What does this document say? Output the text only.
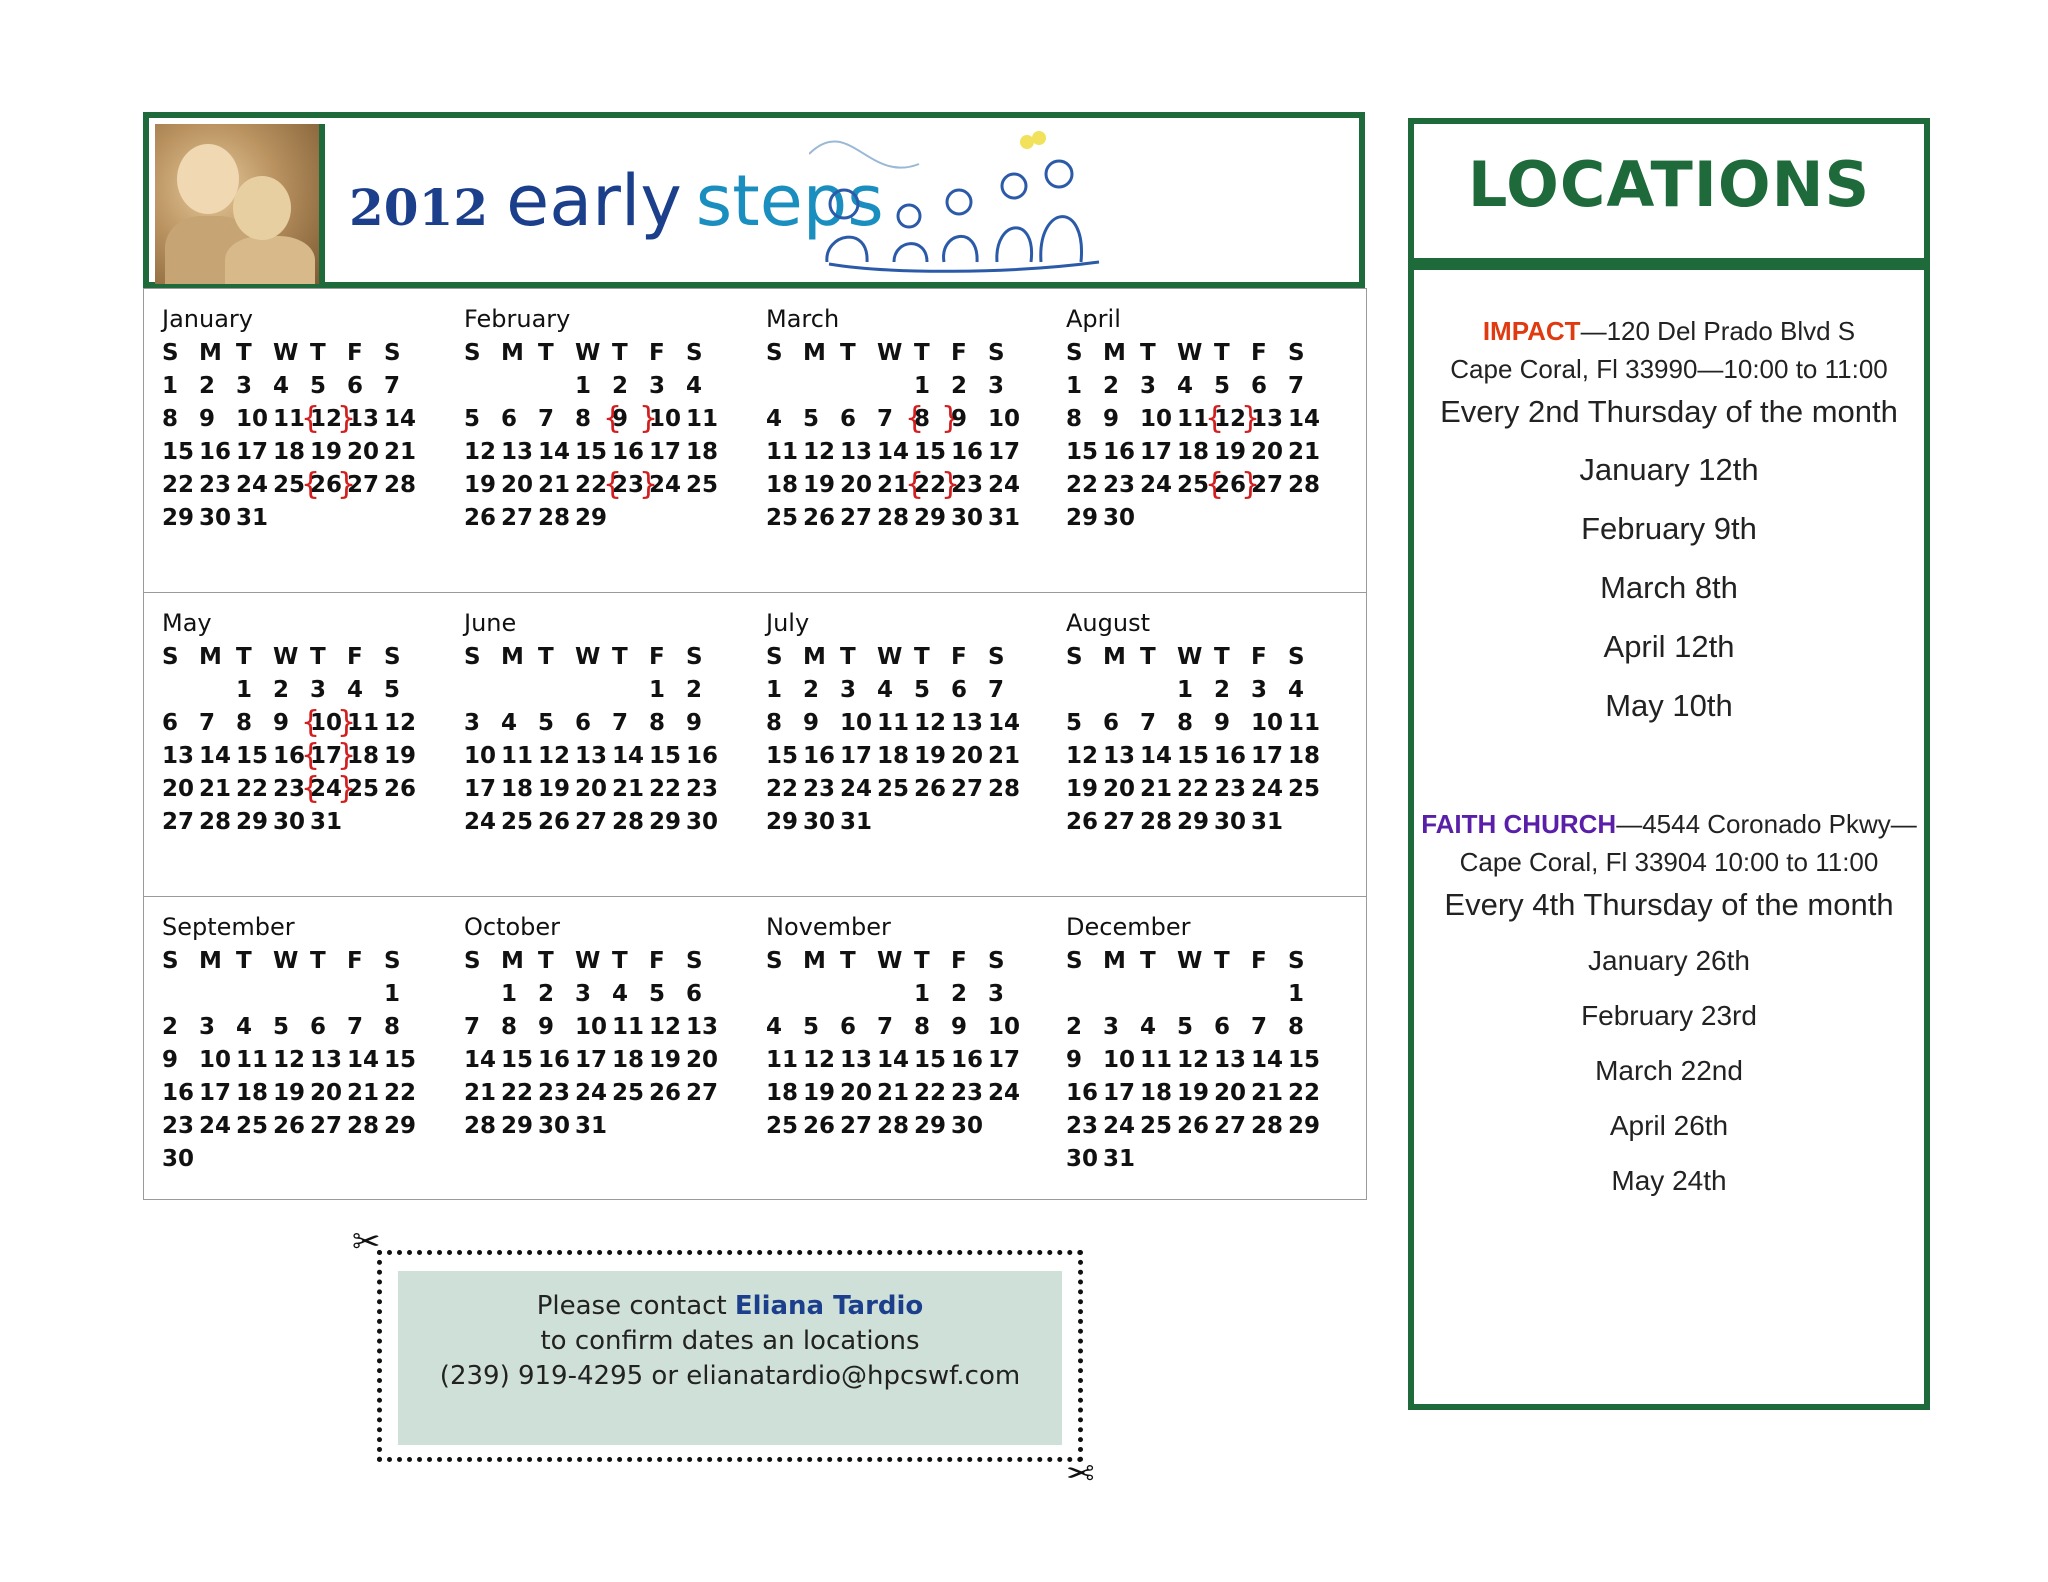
2012 early steps
January
S M T W T F S
1 2 3 4 5 6 7
8 9 10 11 { 12 } 13 14
15 16 17 18 19 20 21
22 23 24 25 { 26 } 27 28
29 30 31
February
S M T W T F S
1 2 3 4
5 6 7 8 { 9 } 10 11
12 13 14 15 16 17 18
19 20 21 22 { 23 } 24 25
26 27 28 29
March
S M T W T F S
1 2 3
4 5 6 7 { 8 } 9 10
11 12 13 14 15 16 17
18 19 20 21 { 22 } 23 24
25 26 27 28 29 30 31
April
S M T W T F S
1 2 3 4 5 6 7
8 9 10 11 { 12 } 13 14
15 16 17 18 19 20 21
22 23 24 25 { 26 } 27 28
29 30
May
S M T W T F S
1 2 3 4 5
6 7 8 9 { 10 } 11 12
13 14 15 16 { 17 } 18 19
20 21 22 23 { 24 } 25 26
27 28 29 30 31
June
S M T W T F S
1 2
3 4 5 6 7 8 9
10 11 12 13 14 15 16
17 18 19 20 21 22 23
24 25 26 27 28 29 30
July
S M T W T F S
1 2 3 4 5 6 7
8 9 10 11 12 13 14
15 16 17 18 19 20 21
22 23 24 25 26 27 28
29 30 31
August
S M T W T F S
1 2 3 4
5 6 7 8 9 10 11
12 13 14 15 16 17 18
19 20 21 22 23 24 25
26 27 28 29 30 31
September
S M T W T F S
1
2 3 4 5 6 7 8
9 10 11 12 13 14 15
16 17 18 19 20 21 22
23 24 25 26 27 28 29
30
October
S M T W T F S
1 2 3 4 5 6
7 8 9 10 11 12 13
14 15 16 17 18 19 20
21 22 23 24 25 26 27
28 29 30 31
November
S M T W T F S
1 2 3
4 5 6 7 8 9 10
11 12 13 14 15 16 17
18 19 20 21 22 23 24
25 26 27 28 29 30
December
S M T W T F S
1
2 3 4 5 6 7 8
9 10 11 12 13 14 15
16 17 18 19 20 21 22
23 24 25 26 27 28 29
30 31
✂
Please contact Eliana Tardio
to confirm dates an locations
(239) 919-4295 or elianatardio@hpcswf.com
✂
LOCATIONS
IMPACT—120 Del Prado Blvd S
Cape Coral, Fl 33990—10:00 to 11:00
Every 2nd Thursday of the month
January 12th
February 9th
March 8th
April 12th
May 10th
FAITH CHURCH—4544 Coronado Pkwy—
Cape Coral, Fl 33904 10:00 to 11:00
Every 4th Thursday of the month
January 26th
February 23rd
March 22nd
April 26th
May 24th
